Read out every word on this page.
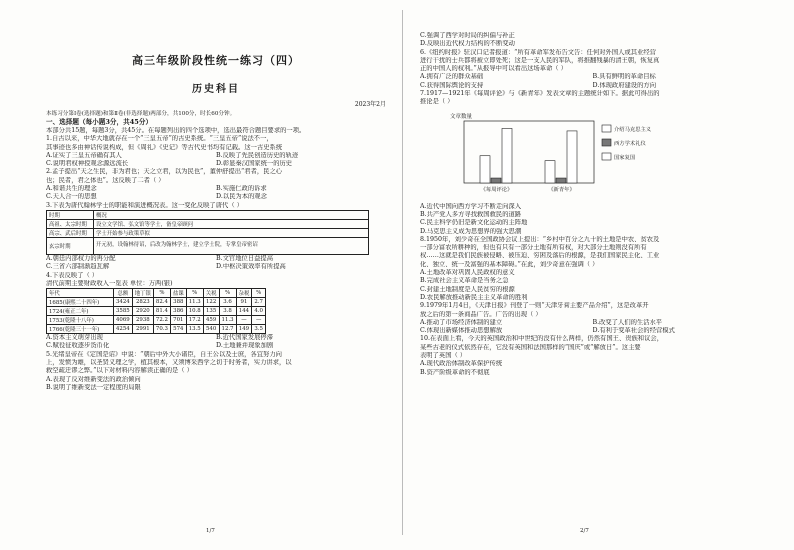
高三年级阶段性统一练习（四）
历史科目
2023年2月
本练习分第Ⅰ卷(选择题)和第Ⅱ卷(非选择题)两部分，共100分，时长60分钟。
一、选择题（每小题3分，共45分）
本部分共15题，每题3分，共45分。在每题列出的四个选项中，选出最符合题目要求的一项。
1.自古以来，中华大地就存在一个“三皇五帝”的古史系统。“三皇五帝”说法不一，
其事迹也多由神话传说构成，但《周礼》《史记》等古代史书均有记载。这一古史系统
A.证实了三皇五帝确有其人	B.反映了先民创造历史的轨迹
C.说明君权神授观念源远流长	D.彰显秦汉国家统一的历史
2.孟子提出“天之生民，非为君也；天之立君，以为民也”，董仲舒提出“君者，民之心
也；民者，君之体也”。这反映了二者（ ）
A.和谐共生的理念	B.实施仁政的诉求
C.天人合一的思想	D.以民为本的观念
3.下表为唐代翰林学士的职能和演进概况表。这一变化反映了唐代（ ）
时期	概况
高祖、太宗时期	设立文学馆、弘文馆等学士，备皇帝顾问
高宗、武后时期	学士开始参与政策草拟
玄宗时期	开元初，设翰林待诏，后改为翰林学士，建立学士院，专掌皇帝密诏
A.朝廷内部权力的再分配	B.文官地位日益提高
C.三省六部制渐趋瓦解	D.中枢决策效率有所提高
4.下表反映了（ ）
清代前期主要财政收入一览表 单位：万两(银)
年代	总额	地丁银	%	盐课	%	关税	%	杂税	%
1685(康熙二十四年)	3424	2823	82.4	388	11.3	122	3.6	91	2.7
1724(雍正二年)	3585	2920	81.4	386	10.8	135	3.8	144	4.0
1753(乾隆十八年)	4069	2938	72.2	701	17.2	459	11.3	—	—
1766(乾隆三十一年)	4254	2991	70.3	574	13.5	540	12.7	149	3.5
A.资本主义萌芽出现	B.近代国家发展停滞
C.赋役征收逐步货币化	D.土地兼并现象加剧
5.光绪皇帝在《定国是诏》中说：“朝后中外大小诸臣，自王公以及士庶，各宜努力向
上，发愤为雄，以圣贤义理之学，植其根本，又须博采西学之切于时务者，实力讲求，以
救空疏迂谬之弊。”以下对材料内容解读正确的是（ ）
A.表现了反对维新变法的政治倾向
B.说明了维新变法一定程度的局限
1/7
C.强调了西学对时局的纠偏与补正
D.反映出近代权力结构的不断变动
6.《纽约时报》驻汉口记者报道：“所有革命军发布告文告：任何对外国人或其业经营
进行干扰的士兵都将被立即处死；这是一支人民的军队，将推翻残暴的清王朝，恢复真
正的中国人的权利。”从报导中可以看出这场革命（ ）
A.拥有广泛的群众基础	B.具有鲜明的革命目标
C.获得国际舆论的支持	D.体现政府建设的方向
7.1917—1921年《每周评论》与《新青年》发表文章的主题统计如下。据此可得出的
推论是（ ）
文章数量
《每周评论》	《新青年》
介绍马克思主义
西方学术礼仪
国家复国
A.近代中国向西方学习不断走向深入
B.共产党人多方寻找救国救民的道路
C.民主科学仍旧是新文化运动的主阵地
D.马克思主义成为思想界的强大思潮
8.1950年，刘少奇在全国政协会议上提出：“乡村中百分之九十的土地是中农、贫农及
一部分富农所耕种的，但也有只有一部分土地有所有权，对大部分土地则没有所有
权……这就是我们民族被侵略、被压迫、穷困及落后的根源，是我们国家民主化、工业
化、独立、统一及富强的基本障碍。”在此，刘少奇意在强调（ ）
A.土地改革对巩固人民政权的意义
B.完成社会主义革命是当务之急
C.封建土地制度是人民贫穷的根源
D.农民解放推动新民主主义革命的胜利
9.1979年1月4日，《天津日报》刊登了一则“天津牙膏主要产品介绍”，这是改革开
放之后的第一条商品广告。广告的出现（ ）
A.推动了市场经济体制的建立	B.改变了人们的生活水平
C.体现出新媒体推动思想解放	D.有利于变革社会的经营模式
10.在表面上看，今天的英国政治和中世纪的没有什么两样，仍然有国王、贵族和议会，
某些古老的仪式依然存在，它没有英国和法国那样的“国庆”或“解放日”。这主要
表明了英国（ ）
A.现代政治体制改革保护传统
B.资产阶级革命的不彻底
2/7
